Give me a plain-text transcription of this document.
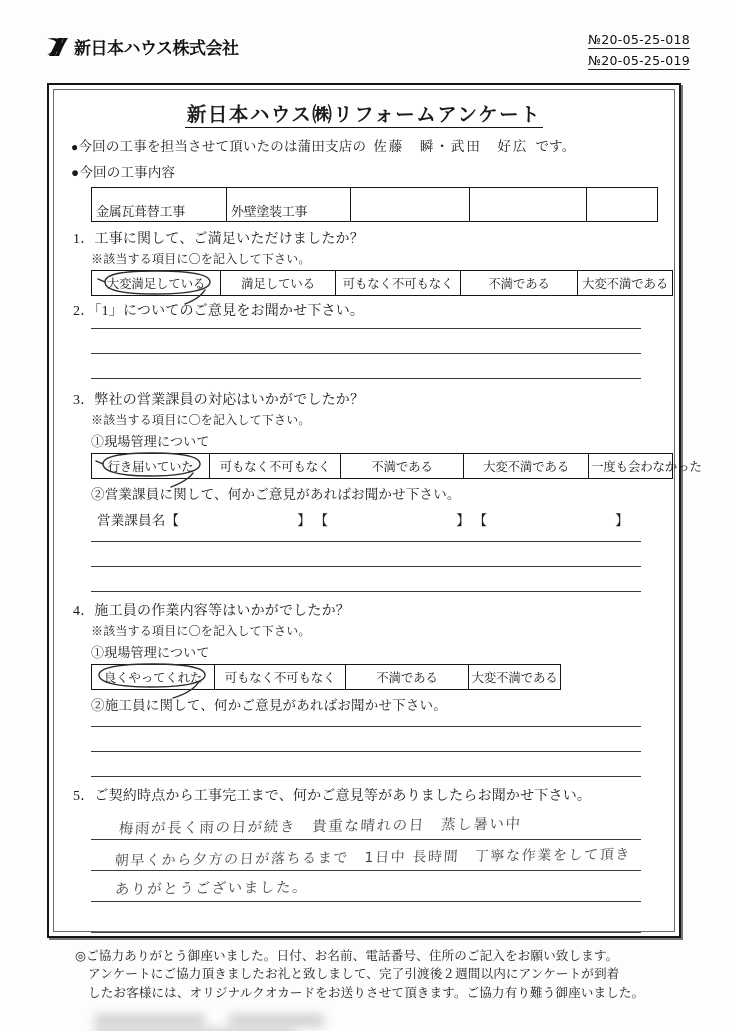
新日本ハウス株式会社	№20-05-25-018
№20-05-25-019
新日本ハウス㈱リフォームアンケート
●今回の工事を担当させて頂いたのは蒲田支店の 佐藤　瞬・武田　好広 です。
●今回の工事内容
金属瓦葺替工事	外壁塗装工事			
1．工事に関して、ご満足いただけましたか？
※該当する項目に〇を記入して下さい。
大変満足している	満足している	可もなく不可もなく	不満である	大変不満である
2．「1」についてのご意見をお聞かせ下さい。
3．弊社の営業課員の対応はいかがでしたか？
※該当する項目に〇を記入して下さい。
①現場管理について
行き届いていた	可もなく不可もなく	不満である	大変不満である	一度も会わなかった
②営業課員に関して、何かご意見があればお聞かせ下さい。
営業課員名【	】 【	】 【	】
4．施工員の作業内容等はいかがでしたか？
※該当する項目に〇を記入して下さい。
①現場管理について
良くやってくれた	可もなく不可もなく	不満である	大変不満である
②施工員に関して、何かご意見があればお聞かせ下さい。
5．ご契約時点から工事完工まで、何かご意見等がありましたらお聞かせ下さい。
梅雨が長く雨の日が続き　貴重な晴れの日　蒸し暑い中
朝早くから夕方の日が落ちるまで　1日中 長時間　丁寧な作業をして頂き
ありがとうございました。
◎ご協力ありがとう御座いました。日付、お名前、電話番号、住所のご記入をお願い致します。
アンケートにご協力頂きましたお礼と致しまして、完了引渡後２週間以内にアンケートが到着
したお客様には、オリジナルクオカードをお送りさせて頂きます。ご協力有り難う御座いました。
